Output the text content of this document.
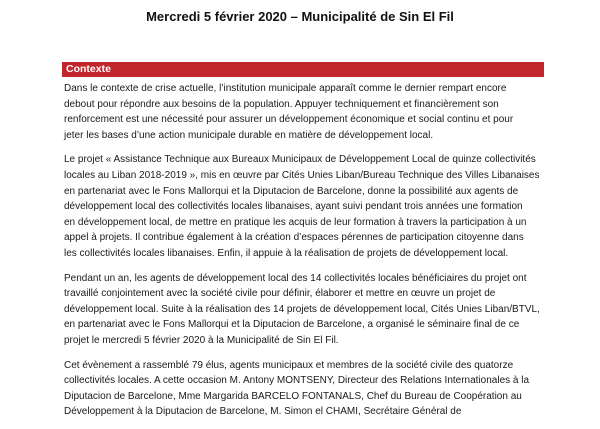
Mercredi 5 février 2020 – Municipalité de Sin El Fil
Contexte
Dans le contexte de crise actuelle, l’institution municipale apparaît comme le dernier rempart encore
debout pour répondre aux besoins de la population. Appuyer techniquement et financièrement son
renforcement est une nécessité pour assurer un développement économique et social continu et pour
jeter les bases d’une action municipale durable en matière de développement local.
Le projet « Assistance Technique aux Bureaux Municipaux de Développement Local de quinze collectivités
locales au Liban 2018-2019 », mis en œuvre par Cités Unies Liban/Bureau Technique des Villes Libanaises
en partenariat avec le Fons Mallorqui et la Diputacion de Barcelone, donne la possibilité aux agents de
développement local des collectivités locales libanaises, ayant suivi pendant trois années une formation
en développement local, de mettre en pratique les acquis de leur formation à travers la participation à un
appel à projets. Il contribue également à la création d’espaces pérennes de participation citoyenne dans
les collectivités locales libanaises. Enfin, il appuie à la réalisation de projets de développement local.
Pendant un an, les agents de développement local des 14 collectivités locales bénéficiaires du projet ont
travaillé conjointement avec la société civile pour définir, élaborer et mettre en œuvre un projet de
développement local. Suite à la réalisation des 14 projets de développement local, Cités Unies Liban/BTVL,
en partenariat avec le Fons Mallorqui et la Diputacion de Barcelone, a organisé le séminaire final de ce
projet le mercredi 5 février 2020 à la Municipalité de Sin El Fil.
Cet évènement a rassemblé 79 élus, agents municipaux et membres de la société civile des quatorze
collectivités locales. A cette occasion M. Antony MONTSENY, Directeur des Relations Internationales à la
Diputacion de Barcelone, Mme Margarida BARCELO FONTANALS, Chef du Bureau de Coopération au
Développement à la Diputacion de Barcelone, M. Simon el CHAMI, Secrétaire Général de
